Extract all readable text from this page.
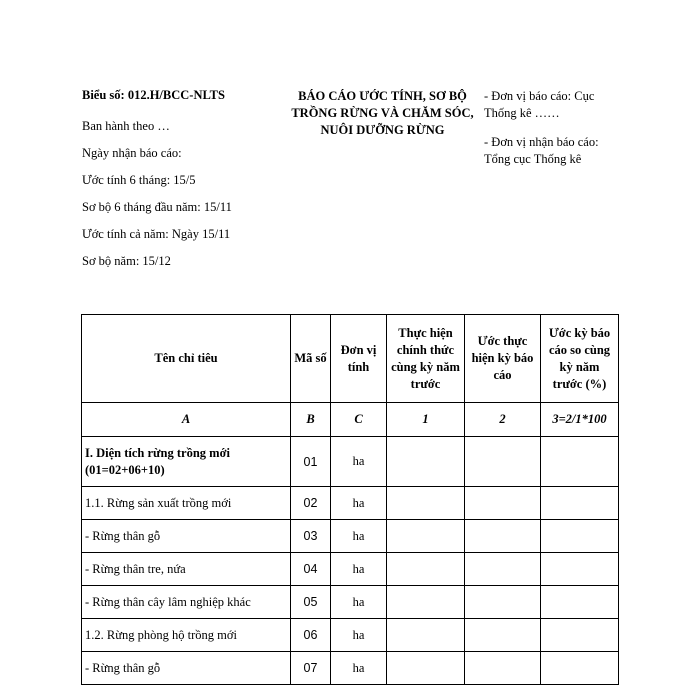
Biểu số: 012.H/BCC-NLTS
Ban hành theo …
Ngày nhận báo cáo:
Ước tính 6 tháng: 15/5
Sơ bộ 6 tháng đầu năm: 15/11
Ước tính cả năm: Ngày 15/11
Sơ bộ năm: 15/12
BÁO CÁO ƯỚC TÍNH, SƠ BỘ
TRỒNG RỪNG VÀ CHĂM SÓC,
NUÔI DƯỠNG RỪNG
- Đơn vị báo cáo: Cục
Thống kê ……
- Đơn vị nhận báo cáo:
Tổng cục Thống kê
Tên chỉ tiêu	Mã số	Đơn vị tính	Thực hiện chính thức cùng kỳ năm trước	Ước thực hiện kỳ báo cáo	Ước kỳ báo cáo so cùng kỳ năm trước (%)
A	B	C	1	2	3=2/1*100
I. Diện tích rừng trồng mới (01=02+06+10)	01	ha			
1.1. Rừng sản xuất trồng mới	02	ha			
- Rừng thân gỗ	03	ha			
- Rừng thân tre, nứa	04	ha			
- Rừng thân cây lâm nghiệp khác	05	ha			
1.2. Rừng phòng hộ trồng mới	06	ha			
- Rừng thân gỗ	07	ha			
